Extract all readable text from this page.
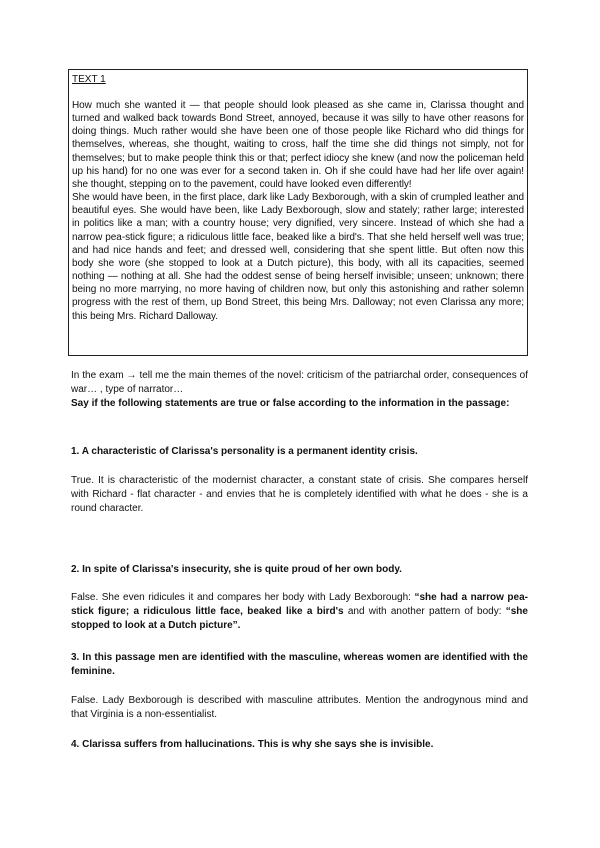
TEXT 1

How much she wanted it — that people should look pleased as she came in, Clarissa thought and turned and walked back towards Bond Street, annoyed, because it was silly to have other reasons for doing things. Much rather would she have been one of those people like Richard who did things for themselves, whereas, she thought, waiting to cross, half the time she did things not simply, not for themselves; but to make people think this or that; perfect idiocy she knew (and now the policeman held up his hand) for no one was ever for a second taken in. Oh if she could have had her life over again! she thought, stepping on to the pavement, could have looked even differently!

She would have been, in the first place, dark like Lady Bexborough, with a skin of crumpled leather and beautiful eyes. She would have been, like Lady Bexborough, slow and stately; rather large; interested in politics like a man; with a country house; very dignified, very sincere. Instead of which she had a narrow pea-stick figure; a ridiculous little face, beaked like a bird's. That she held herself well was true; and had nice hands and feet; and dressed well, considering that she spent little. But often now this body she wore (she stopped to look at a Dutch picture), this body, with all its capacities, seemed nothing — nothing at all. She had the oddest sense of being herself invisible; unseen; unknown; there being no more marrying, no more having of children now, but only this astonishing and rather solemn progress with the rest of them, up Bond Street, this being Mrs. Dalloway; not even Clarissa any more; this being Mrs. Richard Dalloway.

In the exam → tell me the main themes of the novel: criticism of the patriarchal order, consequences of war… , type of narrator…
Say if the following statements are true or false according to the information in the passage:
1. A characteristic of Clarissa's personality is a permanent identity crisis.
True. It is characteristic of the modernist character, a constant state of crisis. She compares herself with Richard - flat character - and envies that he is completely identified with what he does - she is a round character.
2. In spite of Clarissa's insecurity, she is quite proud of her own body.
False. She even ridicules it and compares her body with Lady Bexborough: “she had a narrow pea-stick figure; a ridiculous little face, beaked like a bird's and with another pattern of body: “she stopped to look at a Dutch picture”.
3. In this passage men are identified with the masculine, whereas women are identified with the feminine.
False. Lady Bexborough is described with masculine attributes. Mention the androgynous mind and that Virginia is a non-essentialist.
4. Clarissa suffers from hallucinations. This is why she says she is invisible.
